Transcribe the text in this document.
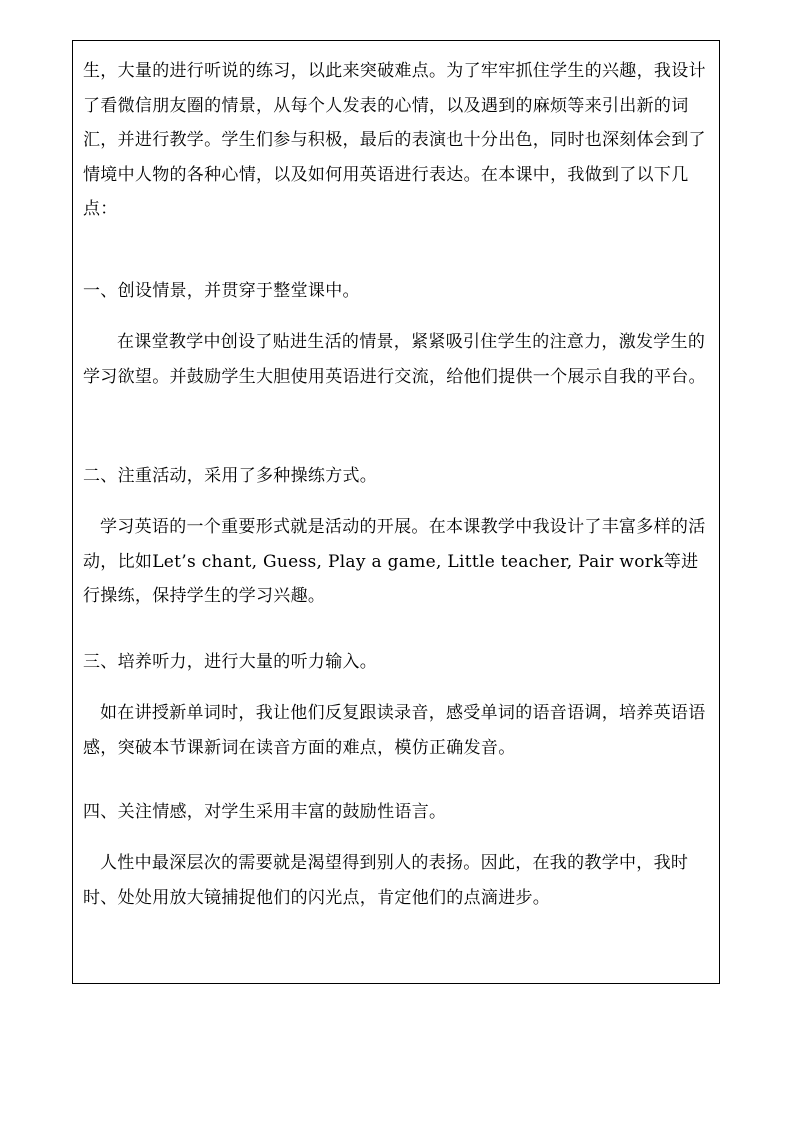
生，大量的进行听说的练习，以此来突破难点。为了牢牢抓住学生的兴趣，我设计了看微信朋友圈的情景，从每个人发表的心情，以及遇到的麻烦等来引出新的词汇，并进行教学。学生们参与积极，最后的表演也十分出色，同时也深刻体会到了情境中人物的各种心情，以及如何用英语进行表达。在本课中，我做到了以下几点：

一、创设情景，并贯穿于整堂课中。

在课堂教学中创设了贴进生活的情景，紧紧吸引住学生的注意力，激发学生的学习欲望。并鼓励学生大胆使用英语进行交流，给他们提供一个展示自我的平台。

二、注重活动，采用了多种操练方式。

学习英语的一个重要形式就是活动的开展。在本课教学中我设计了丰富多样的活动，比如Let’s chant, Guess, Play a game, Little teacher, Pair work等进行操练，保持学生的学习兴趣。

三、培养听力，进行大量的听力输入。

如在讲授新单词时，我让他们反复跟读录音，感受单词的语音语调，培养英语语感，突破本节课新词在读音方面的难点，模仿正确发音。

四、关注情感，对学生采用丰富的鼓励性语言。

人性中最深层次的需要就是渴望得到别人的表扬。因此，在我的教学中，我时时、处处用放大镜捕捉他们的闪光点，肯定他们的点滴进步。
